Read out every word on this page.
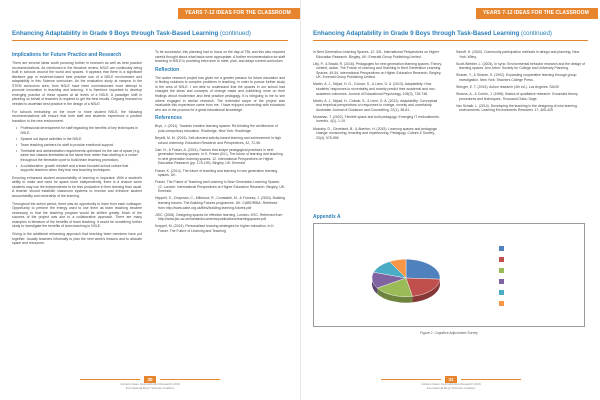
YEARS 7-12 IDEAS FOR THE CLASSROOM
Enhancing Adaptability in Grade 9 Boys through Task-Based Learning (continued)
Implications for Future Practice and Research

There are several ideas worth pursuing further in research as well as best practice recommendations. As mentioned in the literature review, NSLE are continually being built in schools around the world and spaces. It appears that there is a significant literature gap in evidence-based best practice use of a NSLE environment and adaptability in this Science curriculum. As the evaluation study at campus in the STEM curriculum area, from NSLE have been commissioned more attempt to promote innovation in teaching and learning. It is therefore important to develop emerging practice of these spaces at all levels of a NSLE. A paradigm shift in planning on behalf of teachers is required to get the best results. Ongoing research is needed to ascertain best practice in the design of a NSLE.

For schools embarking on the move to more student NSLE, the following recommendations will ensure that both staff and students experience a positive transition to the new environment:

• Professional development for staff regarding the benefits of key techniques in NSLE.
• Spaced out layout activities in the NSLE.
• Team teaching partners for staff to provide emotional support.
• Timetable and administration requirements optimised for the use of space (e.g. same two classes timetabled at the same time rather than starting in a cohort throughout the timetable cycle to build team teaching promotion).
• A collaborative, growth mindset and a team-focused school culture that supports teachers when they trial new teaching techniques.

Ensuring enhanced student accountability of learning is important. With a student's ability to make and need for space more independently, there is a chance some students may use the independence to be less productive in their learning than usual. A teacher should establish classroom systems to monitor and enhance student accountability and ownership of the learning.

Throughout the action period, there was an opportunity to learn from each colleague. Opportunity to perform the energy used to use them as team teaching became necessary, in that the teaching program would be shifted greatly. Much of the success of the project was due to a collaborative approach. There are many examples in literature of the benefits of team teaching. It would be something further study to investigate the benefits of team teaching in NSLE.

Giving is the additional enhancing approach that teaching team members have put together. Usually teachers informally to plan the next week's lessons and to allocate space and resources.

To be successful, this planning had to focus on the day-of TBL and this also required careful thought about what tasks were appropriate. A further recommendation for staff teaching in NSLE is providing extra time to meet, plan, and adapt current curriculum.

Reflection

The action research project has given me a greater passion for future education and in finding solutions to complex problems in teaching, in order to pursue further study in the area of NSLE. I am able to understand that the spaces in our school had changed the ideas and concepts of change made and publishing more on their findings about modernism and best practice pedagogy. It is intriguing to me to see others engaged in similar research. The extended scope of the project was invaluable this experience came from me. I have enjoyed connecting with educators who are in the process for a great educational knowledge.

References
Bryn, J. (2011). Towards creative learning spaces: Re-thinking the architecture of post-compulsory education. Routledge. New York: Routledge.
Beyeill, M. M. (2015). Self-directed activity-based learning and achievement in high school chemistry. Education Research and Perspectives, 42, 72-96.
Carr, N., & Fraser, A. (2014). Factors that shape pedagogical practices in next generation learning spaces. In K. Fraser (Ed.), The future of learning and teaching in next generation learning spaces. 12. International Perspectives on Higher Education Research (pp. 175-199). Bingley, UK: Emerald.
Fraser, K. (2014). The future of teaching and learning in new generation learning spaces. UK.
Fraser. The Future of Teaching and Learning in New Generation Learning Spaces. 12. London: International Perspectives on Higher Education Research. Bingley, UK: Emerald.
Heppell, S., Chapman, C., Millwood, R., Constable, M., & Furness, J. (2004). Building learning futures. The Building Futures programme. UK: CABE/RIBA. Retrieved from http://www.cabe.org.uk/files/building-learning-futures.pdf
JISC. (2006). Designing spaces for effective learning. London: JISC. Retrieved from http://www.jisc.ac.uk/media/documents/publications/learningspaces.pdf
Kreppel, M. (2014). Personalised learning strategies for higher education. In K. Fraser. The Future of Learning and Teaching
30
Cahiers Ideas Journal/Action Research 2016
International Boys' Schools Coalition
YEARS 7-12 IDEAS FOR THE CLASSROOM
Enhancing Adaptability in Grade 9 Boys through Task-Based Learning (continued)
in Next Generation Learning Spaces. 12. 331. International Perspectives on Higher Education Research. Bingley, UK: Emerald Group Publishing Limited.
Lilly, P., & Bradd, R. (2016). Pedagogies for next generation learning spaces: Theory, context, action. The Future of Learning and Teaching in Next Generation Learning Spaces, 49-54. International Perspectives on Higher Education Research. Bingley, UK: Emerald Group Publishing Limited.
Martin, A. J., Nejad, H. G., Colmar, S., & Liem, G. A. (2013). Adaptability: How students' responses to uncertainty and novelty predict their academic and non-academic outcomes. Journal of Educational Psychology, 105(3), 728-746.
Martin, A. J., Nejad, H., Colmar, S., & Liem, G. A. (2012). Adaptability: Conceptual and empirical perspectives on responses to change, novelty and uncertainty. Australian Journal of Guidance and Counselling, 22(1), 58-81.
Monahan, T. (2002). Flexible space and built pedagogy: Emerging IT embodiments. Inventio, 4(1), 1-19.
Mulcahy, D., Cleveland, B., & Aberton, H. (2015). Learning spaces and pedagogic change: envisioning, enacting and experiencing. Pedagogy, Culture & Society, 23(4), 575-595.
Sanoff, H. (2000). Community participation methods in design and planning. New York: Wiley.
Scott-Webber, L. (2004). In sync: Environmental behavior research and the design of learning spaces. Ann Arbor: Society for College and University Planning.
Sharan, Y., & Sharan, S. (1992). Expanding cooperative learning through group investigation. New York: Teachers College Press.
Stringer, E. T. (2013). Action research (4th ed.). Los Angeles: SAGE.
Strauss, A., & Corbin, J. (1998). Basics of qualitative research: Grounded theory procedures and techniques. Thousand Oaks: Sage.
Van Schaik, L. (2014). Developing the teaching in the designing of new learning environments. Learning Environments Research, 17, 405-425.
Appendix A
Figure 2. Cognitive Adjustment Survey
31
Cahiers Ideas Journal/Action Research 2016
International Boys' Schools Coalition
